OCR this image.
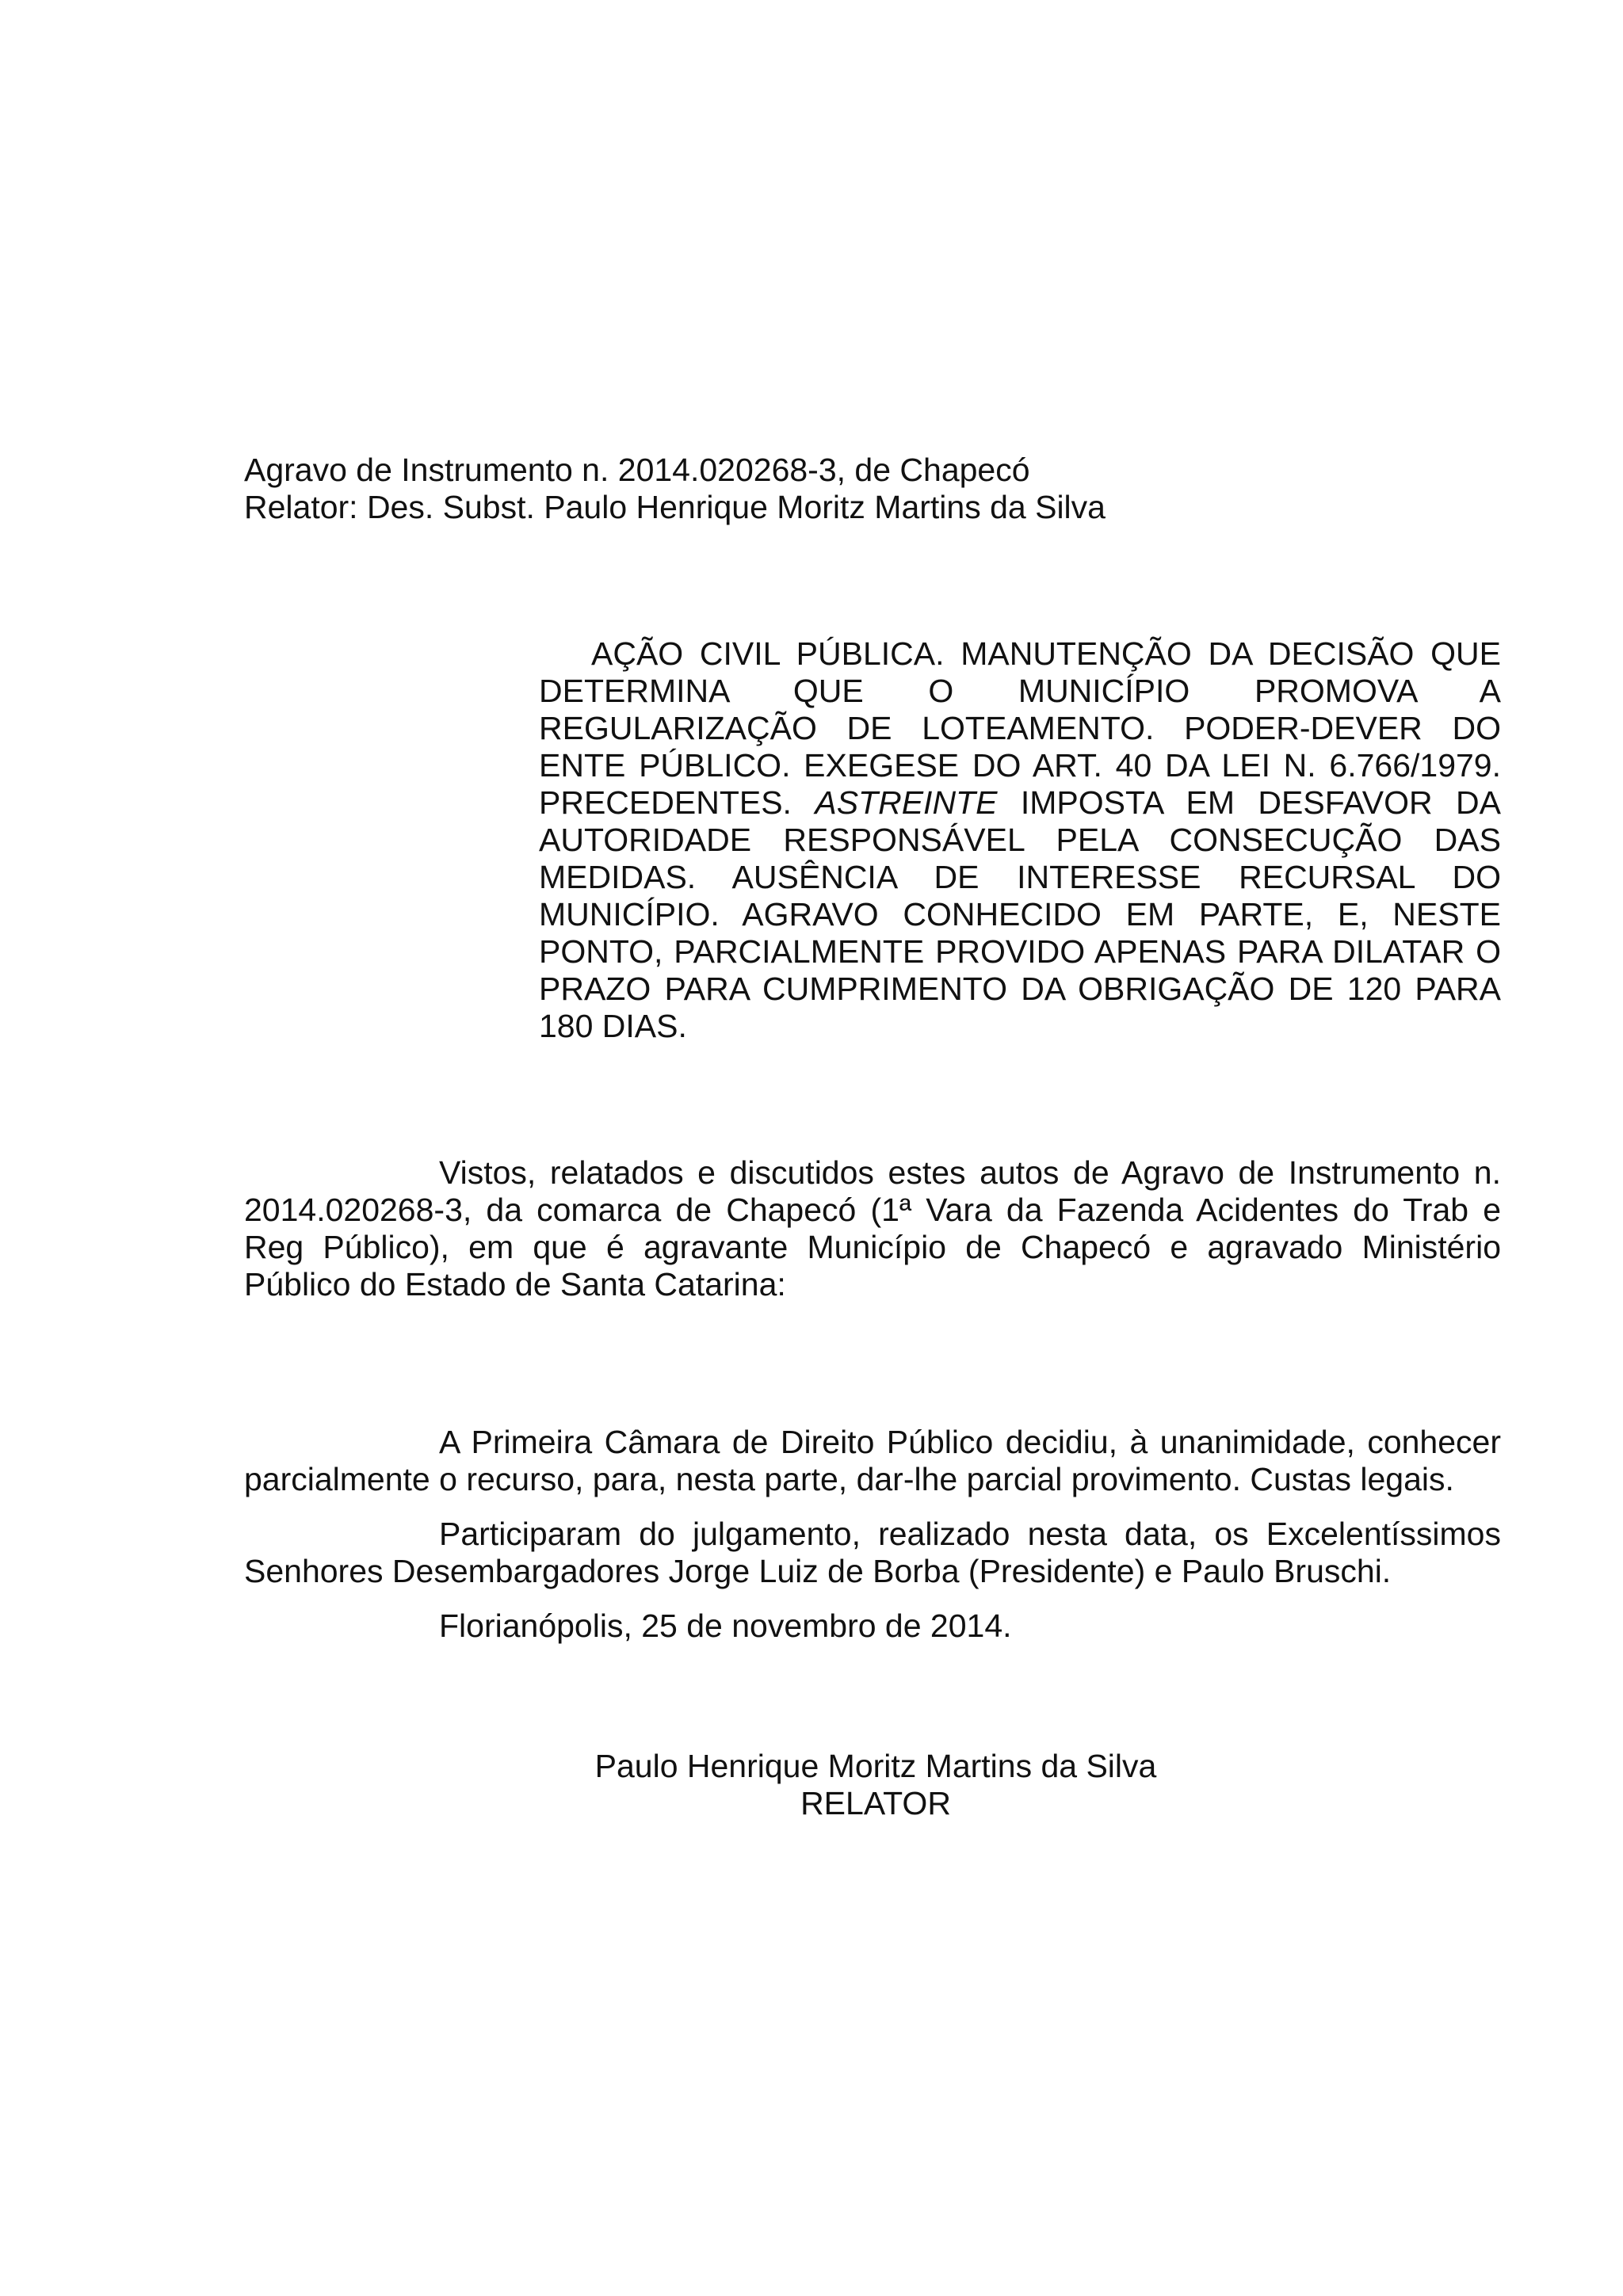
Agravo de Instrumento n. 2014.020268-3, de Chapecó
Relator: Des. Subst. Paulo Henrique Moritz Martins da Silva
AÇÃO CIVIL PÚBLICA. MANUTENÇÃO DA DECISÃO QUE DETERMINA QUE O MUNICÍPIO PROMOVA A REGULARIZAÇÃO DE LOTEAMENTO. PODER-DEVER DO ENTE PÚBLICO. EXEGESE DO ART. 40 DA LEI N. 6.766/1979. PRECEDENTES. ASTREINTE IMPOSTA EM DESFAVOR DA AUTORIDADE RESPONSÁVEL PELA CONSECUÇÃO DAS MEDIDAS. AUSÊNCIA DE INTERESSE RECURSAL DO MUNICÍPIO. AGRAVO CONHECIDO EM PARTE, E, NESTE PONTO, PARCIALMENTE PROVIDO APENAS PARA DILATAR O PRAZO PARA CUMPRIMENTO DA OBRIGAÇÃO DE 120 PARA 180 DIAS.
Vistos, relatados e discutidos estes autos de Agravo de Instrumento n. 2014.020268-3, da comarca de Chapecó (1ª Vara da Fazenda Acidentes do Trab e Reg Público), em que é agravante Município de Chapecó e agravado Ministério Público do Estado de Santa Catarina:
A Primeira Câmara de Direito Público decidiu, à unanimidade, conhecer parcialmente o recurso, para, nesta parte, dar-lhe parcial provimento. Custas legais.
Participaram do julgamento, realizado nesta data, os Excelentíssimos Senhores Desembargadores Jorge Luiz de Borba (Presidente) e Paulo Bruschi.
Florianópolis, 25 de novembro de 2014.
Paulo Henrique Moritz Martins da Silva
RELATOR
